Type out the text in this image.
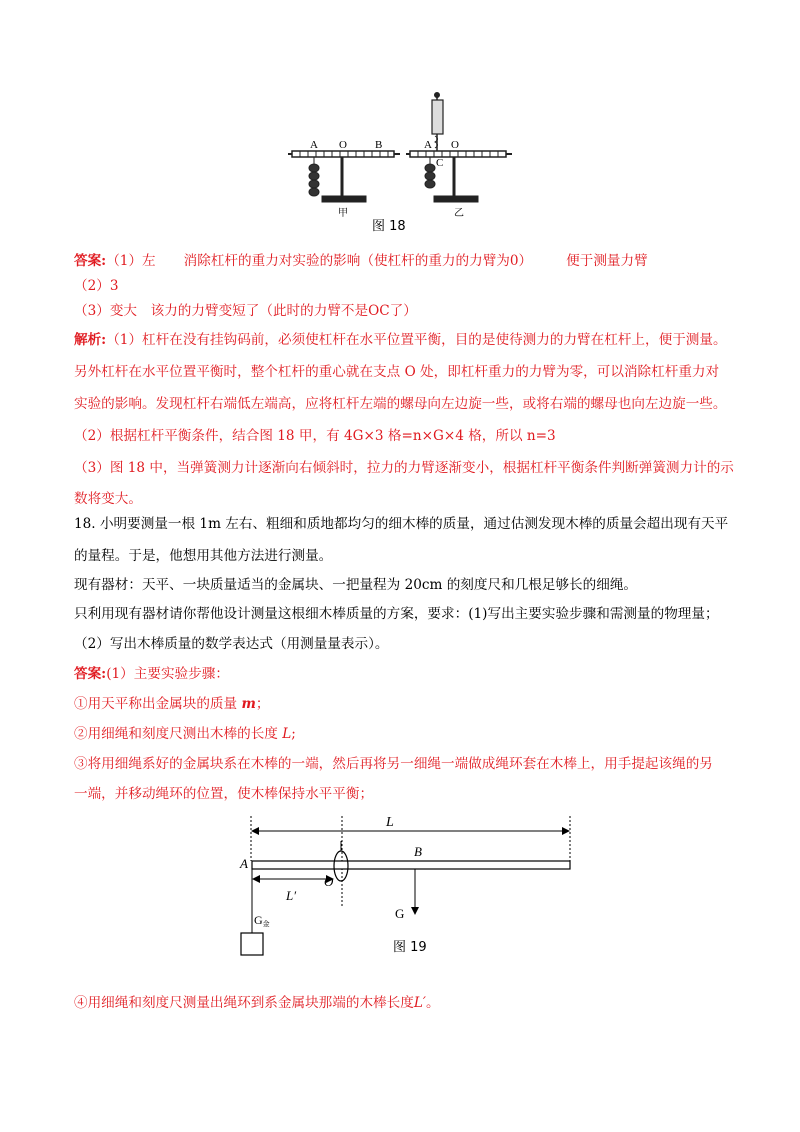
A O	B
甲
A O
C
乙
图 18
答案:（1）左 消除杠杆的重力对实验的影响（使杠杆的重力的力臂为0）	便于测量力臂
（2）3
（3）变大　该力的力臂变短了（此时的力臂不是OC了）
解析:（1）杠杆在没有挂钩码前，必须使杠杆在水平位置平衡，目的是使待测力的力臂在杠杆上，便于测量。
另外杠杆在水平位置平衡时，整个杠杆的重心就在支点 O 处，即杠杆重力的力臂为零，可以消除杠杆重力对
实验的影响。发现杠杆右端低左端高，应将杠杆左端的螺母向左边旋一些，或将右端的螺母也向左边旋一些。
（2）根据杠杆平衡条件，结合图 18 甲，有 4G×3 格=n×G×4 格，所以 n=3
（3）图 18 中，当弹簧测力计逐渐向右倾斜时，拉力的力臂逐渐变小，根据杠杆平衡条件判断弹簧测力计的示
数将变大。
18. 小明要测量一根 1m 左右、粗细和质地都均匀的细木棒的质量，通过估测发现木棒的质量会超出现有天平
的量程。于是，他想用其他方法进行测量。
现有器材：天平、一块质量适当的金属块、一把量程为 20cm 的刻度尺和几根足够长的细绳。
只利用现有器材请你帮他设计测量这根细木棒质量的方案，要求：(1)写出主要实验步骤和需测量的物理量；
（2）写出木棒质量的数学表达式（用测量量表示）。
答案:(1）主要实验步骤：
①用天平称出金属块的质量 m；
②用细绳和刻度尺测出木棒的长度 L;
③将用细绳系好的金属块系在木棒的一端，然后再将另一细绳一端做成绳环套在木棒上，用手提起该绳的另
一端，并移动绳环的位置，使木棒保持水平平衡；
L
A
B
O
L′
G
G金
图 19
④用细绳和刻度尺测量出绳环到系金属块那端的木棒长度L′。
